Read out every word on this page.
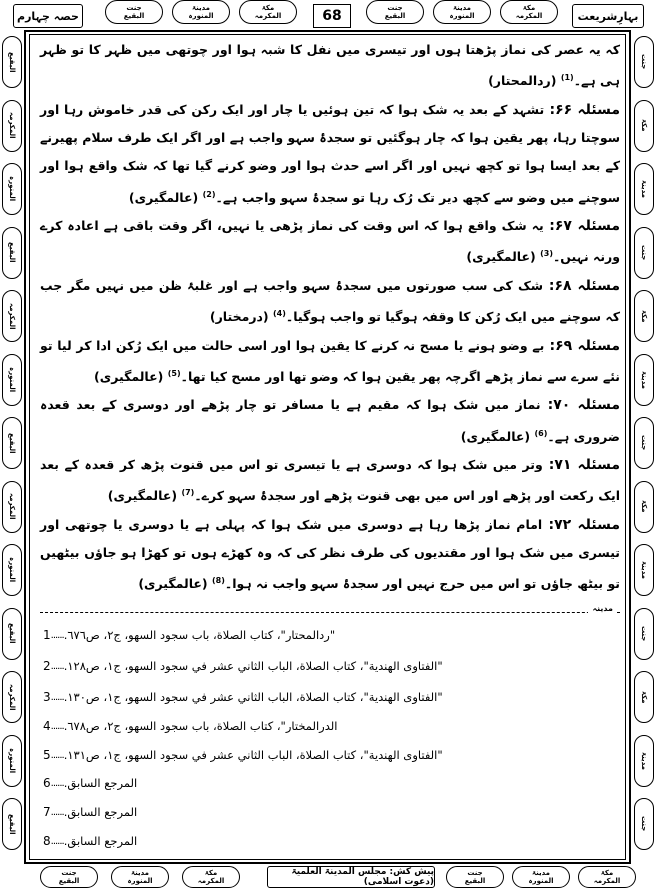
حصہ چہارم
جنت
البقیع
مدینۃ
المنورہ
مکۃ
المکرمہ	68	جنت
البقیع
مدینۃ
المنورہ
مکۃ
المکرمہ	بہارِشریعت
البقیع
المکرمہ
المنورہ
البقیع
المکرمہ
المنورہ
البقیع
المکرمہ
المنورہ
البقیع
المکرمہ
المنورہ
البقیع
جنت
مکۃ
مدینۃ
جنت
مکۃ
مدینۃ
جنت
مکۃ
مدینۃ
جنت
مکۃ
مدینۃ
جنت

کہ یہ عصر کی نماز پڑھتا ہوں اور تیسری میں نفل کا شبہ ہوا اور چوتھی میں ظہر کا تو ظہر ہی ہے۔$^{(1)}$ (ردالمحتار)

مسئلہ ۶۶: تشہد کے بعد یہ شک ہوا کہ تین ہوئیں یا چار اور ایک رکن کی قدر خاموش رہا اور سوچتا رہا، پھر یقین ہوا کہ چار ہوگئیں تو سجدۂ سہو واجب ہے اور اگر ایک طرف سلام پھیرنے کے بعد ایسا ہوا تو کچھ نہیں اور اگر اسے حدث ہوا اور وضو کرنے گیا تھا کہ شک واقع ہوا اور سوچنے میں وضو سے کچھ دیر تک رُک رہا تو سجدۂ سہو واجب ہے۔$^{(2)}$ (عالمگیری)

مسئلہ ۶۷: یہ شک واقع ہوا کہ اس وقت کی نماز پڑھی یا نہیں، اگر وقت باقی ہے اعادہ کرے ورنہ نہیں۔$^{(3)}$ (عالمگیری)

مسئلہ ۶۸: شک کی سب صورتوں میں سجدۂ سہو واجب ہے اور غلبۂ ظن میں نہیں مگر جب کہ سوچنے میں ایک رُکن کا وقفہ ہوگیا تو واجب ہوگیا۔$^{(4)}$ (درمختار)

مسئلہ ۶۹: بے وضو ہونے یا مسح نہ کرنے کا یقین ہوا اور اسی حالت میں ایک رُکن ادا کر لیا تو نئے سرے سے نماز پڑھے اگرچہ پھر یقین ہوا کہ وضو تھا اور مسح کیا تھا۔$^{(5)}$ (عالمگیری)

مسئلہ ۷۰: نماز میں شک ہوا کہ مقیم ہے یا مسافر تو چار پڑھے اور دوسری کے بعد قعدہ ضروری ہے۔$^{(6)}$ (عالمگیری)

مسئلہ ۷۱: وتر میں شک ہوا کہ دوسری ہے یا تیسری تو اس میں قنوت پڑھ کر قعدہ کے بعد ایک رکعت اور پڑھے اور اس میں بھی قنوت پڑھے اور سجدۂ سہو کرے۔$^{(7)}$ (عالمگیری)

مسئلہ ۷۲: امام نماز پڑھا رہا ہے دوسری میں شک ہوا کہ پہلی ہے یا دوسری یا چوتھی اور تیسری میں شک ہوا اور مقتدیوں کی طرف نظر کی کہ وہ کھڑے ہوں تو کھڑا ہو جاؤں بیٹھیں تو بیٹھ جاؤں تو اس میں حرج نہیں اور سجدۂ سہو واجب نہ ہوا۔$^{(8)}$ (عالمگیری)

مدینہ
1 ...... "ردالمحتار"، كتاب الصلاة، باب سجود السهو، ج٢، ص٦٧٦.
2 ...... "الفتاوى الهندية"، كتاب الصلاة، الباب الثاني عشر في سجود السهو، ج١، ص١٢٨.
3 ...... "الفتاوى الهندية"، كتاب الصلاة، الباب الثاني عشر في سجود السهو، ج١، ص١٣٠.
4 ...... الدرالمختار"، كتاب الصلاة، باب سجود السهو، ج٢، ص٦٧٨.
5 ...... "الفتاوى الهندية"، كتاب الصلاة، الباب الثاني عشر في سجود السهو، ج١، ص١٣١.
6 ...... المرجع السابق.
7 ...... المرجع السابق.
8 ...... المرجع السابق.
جنت
البقیع
مدینۃ
المنورہ
مکۃ
المکرمہ
پیش کش: مجلس المدینۃ العلمیۃ (دعوت اسلامی)
جنت
البقیع
مدینۃ
المنورہ
مکۃ
المکرمہ
